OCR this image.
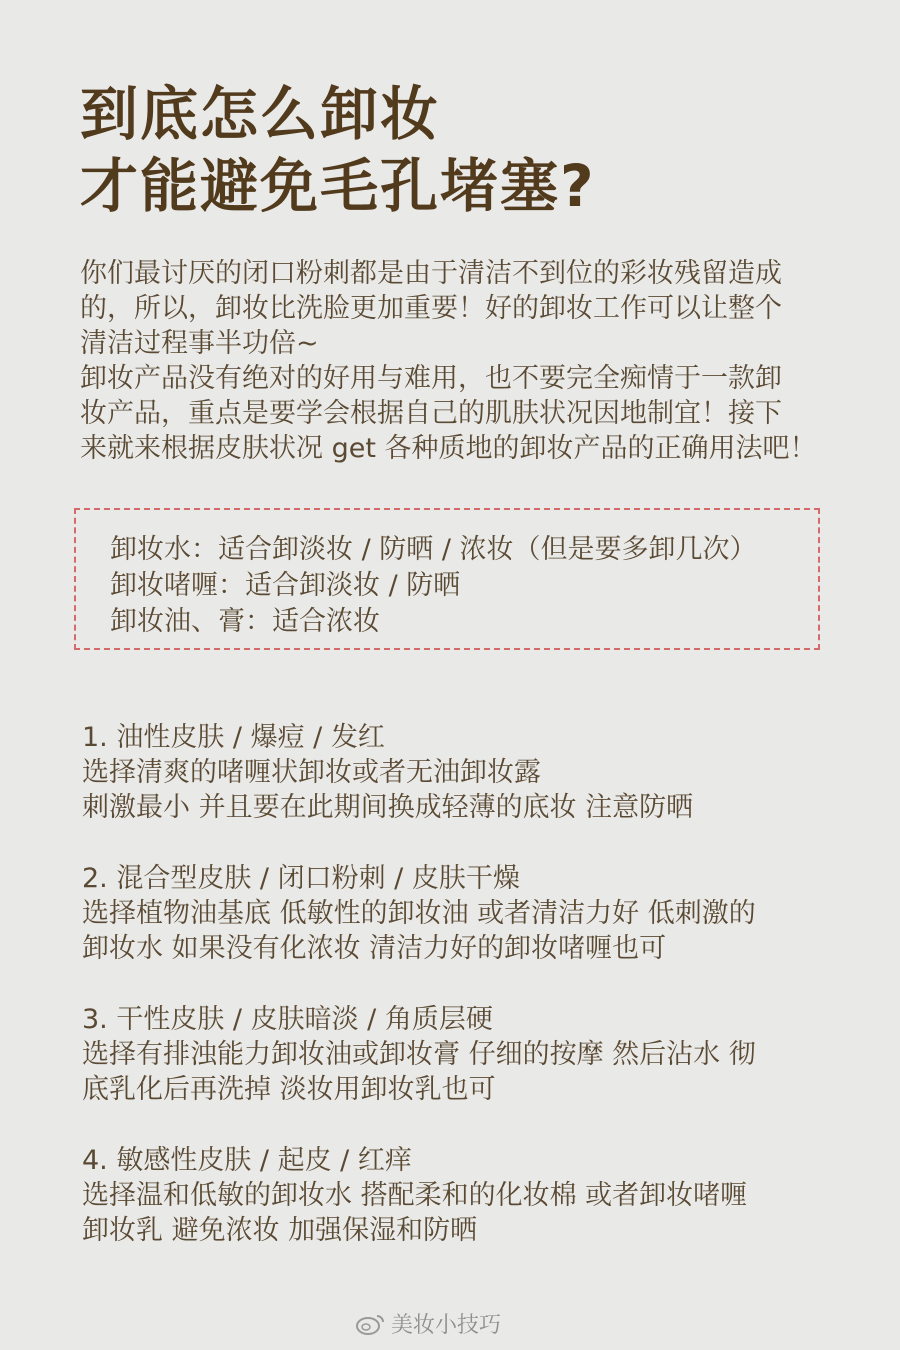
到底怎么卸妆
才能避免毛孔堵塞?
你们最讨厌的闭口粉刺都是由于清洁不到位的彩妆残留造成
的，所以，卸妆比洗脸更加重要！好的卸妆工作可以让整个
清洁过程事半功倍~
卸妆产品没有绝对的好用与难用，也不要完全痴情于一款卸
妆产品，重点是要学会根据自己的肌肤状况因地制宜！接下
来就来根据皮肤状况 get 各种质地的卸妆产品的正确用法吧！
卸妆水：适合卸淡妆 / 防晒 / 浓妆（但是要多卸几次）
卸妆啫喱：适合卸淡妆 / 防晒
卸妆油、膏：适合浓妆
1. 油性皮肤 / 爆痘 / 发红
选择清爽的啫喱状卸妆或者无油卸妆露
刺激最小 并且要在此期间换成轻薄的底妆 注意防晒
2. 混合型皮肤 / 闭口粉刺 / 皮肤干燥
选择植物油基底 低敏性的卸妆油 或者清洁力好 低刺激的
卸妆水 如果没有化浓妆 清洁力好的卸妆啫喱也可
3. 干性皮肤 / 皮肤暗淡 / 角质层硬
选择有排浊能力卸妆油或卸妆膏 仔细的按摩 然后沾水 彻
底乳化后再洗掉 淡妆用卸妆乳也可
4. 敏感性皮肤 / 起皮 / 红痒
选择温和低敏的卸妆水 搭配柔和的化妆棉 或者卸妆啫喱
卸妆乳 避免浓妆 加强保湿和防晒
美妆小技巧
